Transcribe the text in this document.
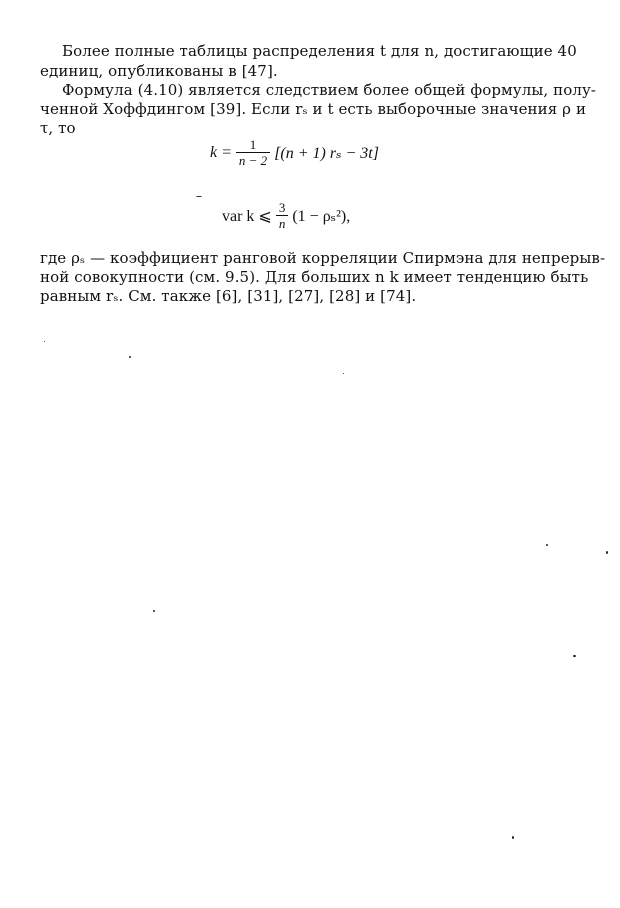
Более полные таблицы распределения t для n, достигающие 40
единиц, опубликованы в [47].
Формула (4.10) является следствием более общей формулы, полу-
ченной Хоффдингом [39]. Если rₛ и t есть выборочные значения ρ и
τ, то
$k = \frac{1}{n - 2} [(n + 1) r_s - 3t]$
var k ⩽ $\frac{3}{n} (1 - \rho_s^2)$,
где ρₛ — коэффициент ранговой корреляции Спирмэна для непрерыв-
ной совокупности (см. 9.5). Для больших n k имеет тенденцию быть
равным rₛ. См. также [6], [31], [27], [28] и [74].
